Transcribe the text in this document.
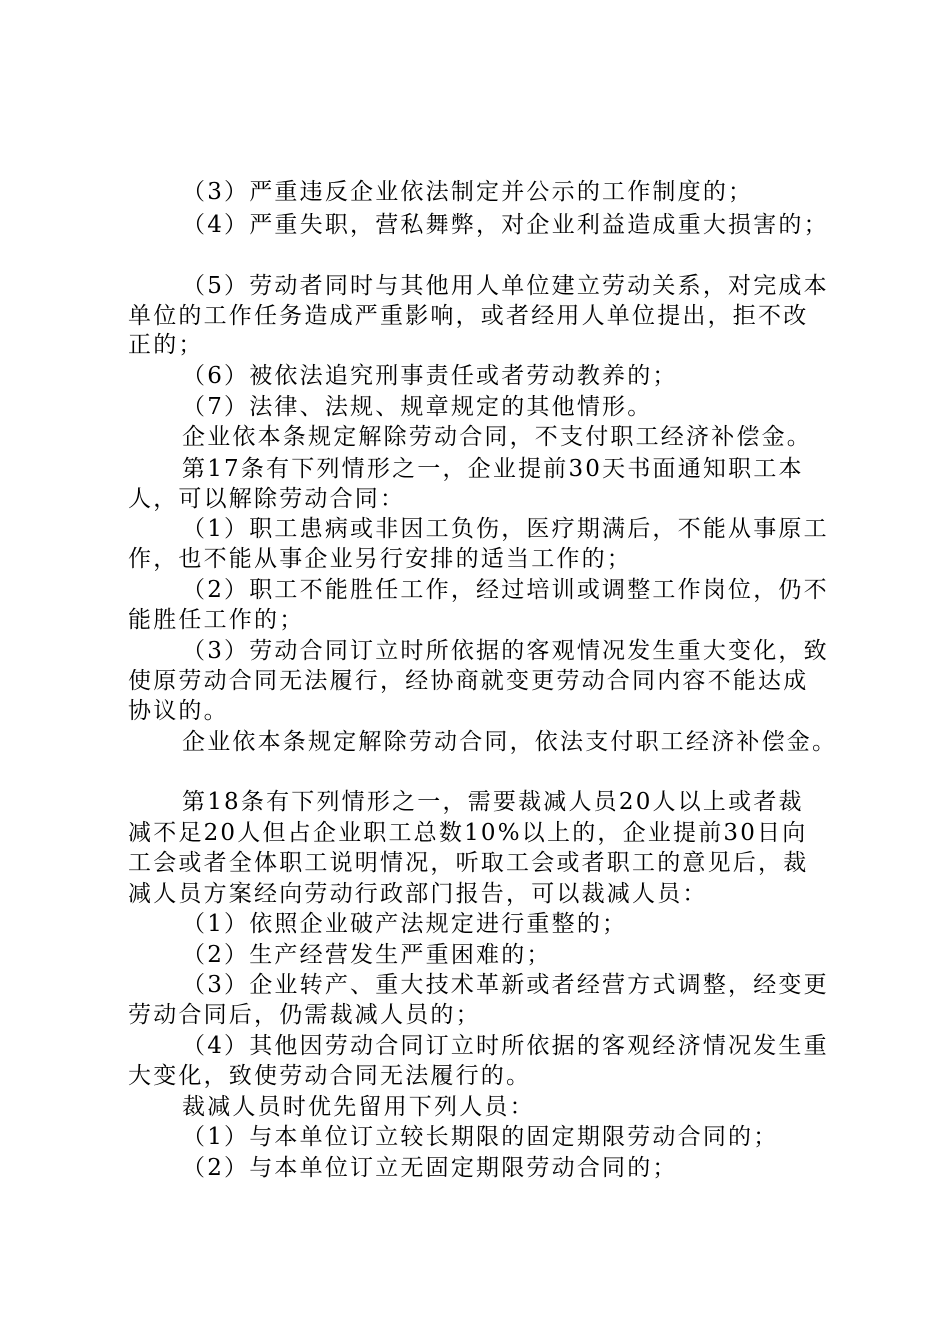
（3）严重违反企业依法制定并公示的工作制度的；
（4）严重失职，营私舞弊，对企业利益造成重大损害的；
（5）劳动者同时与其他用人单位建立劳动关系，对完成本
单位的工作任务造成严重影响，或者经用人单位提出，拒不改
正的；
（6）被依法追究刑事责任或者劳动教养的；
（7）法律、法规、规章规定的其他情形。
企业依本条规定解除劳动合同，不支付职工经济补偿金。
第17条有下列情形之一，企业提前30天书面通知职工本
人，可以解除劳动合同：
（1）职工患病或非因工负伤，医疗期满后，不能从事原工
作，也不能从事企业另行安排的适当工作的；
（2）职工不能胜任工作，经过培训或调整工作岗位，仍不
能胜任工作的；
（3）劳动合同订立时所依据的客观情况发生重大变化，致
使原劳动合同无法履行，经协商就变更劳动合同内容不能达成
协议的。
企业依本条规定解除劳动合同，依法支付职工经济补偿金。
第18条有下列情形之一，需要裁减人员20人以上或者裁
减不足20人但占企业职工总数10%以上的，企业提前30日向
工会或者全体职工说明情况，听取工会或者职工的意见后，裁
减人员方案经向劳动行政部门报告，可以裁减人员：
（1）依照企业破产法规定进行重整的；
（2）生产经营发生严重困难的；
（3）企业转产、重大技术革新或者经营方式调整，经变更
劳动合同后，仍需裁减人员的；
（4）其他因劳动合同订立时所依据的客观经济情况发生重
大变化，致使劳动合同无法履行的。
裁减人员时优先留用下列人员：
（1）与本单位订立较长期限的固定期限劳动合同的；
（2）与本单位订立无固定期限劳动合同的；
